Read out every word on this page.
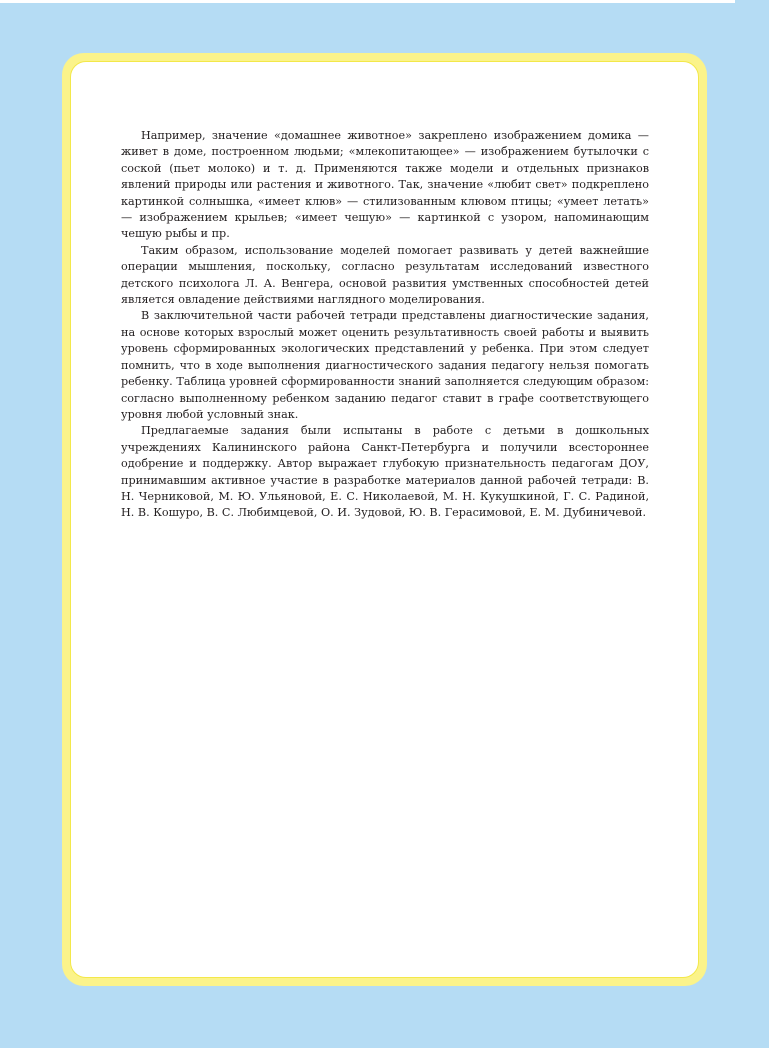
Например, значение «домашнее животное» закреплено изображением домика — живет в доме, построенном людьми; «млекопитающее» — изображением бутылочки с соской (пьет молоко) и т. д. Применяются также модели и отдельных признаков явлений природы или растения и животного. Так, значение «любит свет» подкреплено картинкой солнышка, «имеет клюв» — стилизованным клювом птицы; «умеет летать» — изображением крыльев; «имеет чешую» — картинкой с узором, напоминающим чешую рыбы и пр.

Таким образом, использование моделей помогает развивать у детей важнейшие операции мышления, поскольку, согласно результатам исследований известного детского психолога Л. А. Венгера, основой развития умственных способностей детей является овладение действиями наглядного моделирования.

В заключительной части рабочей тетради представлены диагностические задания, на основе которых взрослый может оценить результативность своей работы и выявить уровень сформированных экологических представлений у ребенка. При этом следует помнить, что в ходе выполнения диагностического задания педагогу нельзя помогать ребенку. Таблица уровней сформированности знаний заполняется следующим образом: согласно выполненному ребенком заданию педагог ставит в графе соответствующего уровня любой условный знак.

Предлагаемые задания были испытаны в работе с детьми в дошкольных учреждениях Калининского района Санкт-Петербурга и получили всестороннее одобрение и поддержку. Автор выражает глубокую признательность педагогам ДОУ, принимавшим активное участие в разработке материалов данной рабочей тетради: В. Н. Черниковой, М. Ю. Ульяновой, Е. С. Николаевой, М. Н. Кукушкиной, Г. С. Радиной, Н. В. Кошуро, В. С. Любимцевой, О. И. Зудовой, Ю. В. Герасимовой, Е. М. Дубиничевой.
